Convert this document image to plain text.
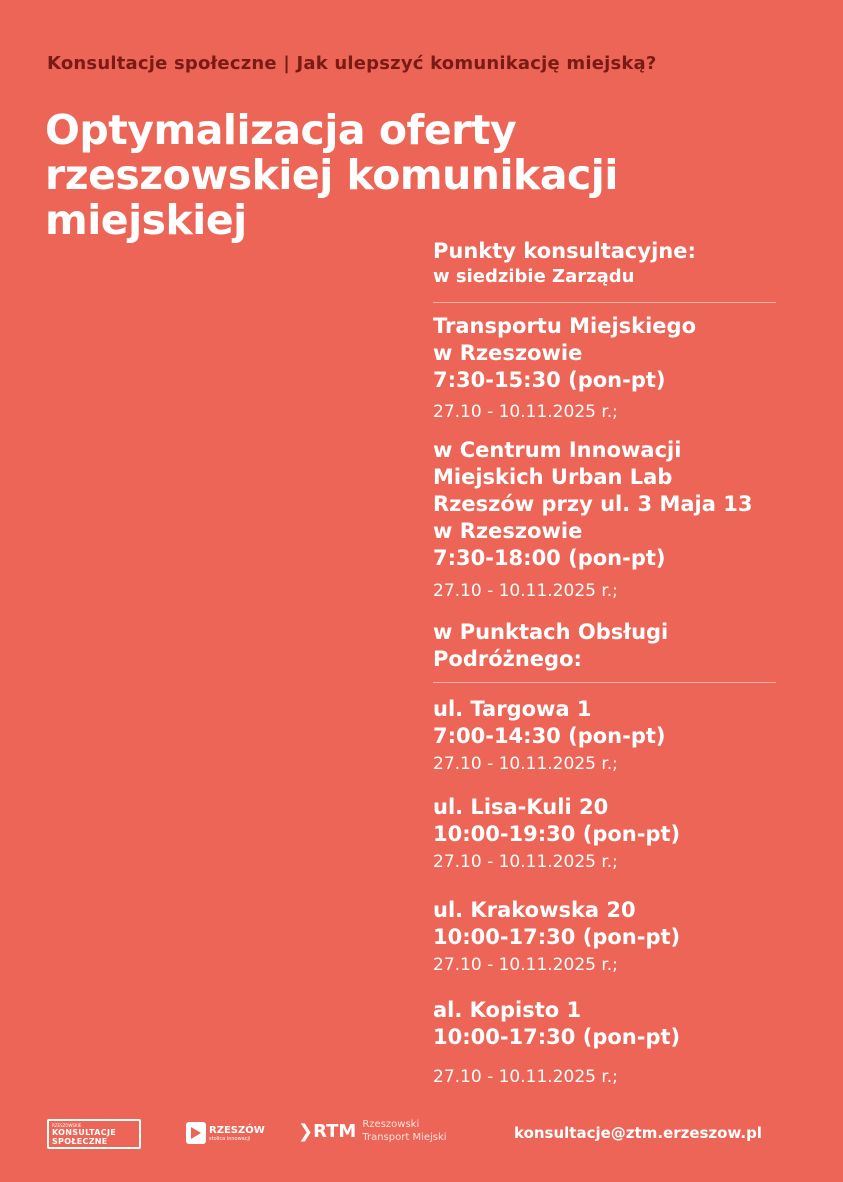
Konsultacje społeczne | Jak ulepszyć komunikację miejską?
Optymalizacja oferty
rzeszowskiej komunikacji
miejskiej
Punkty konsultacyjne:
w siedzibie Zarządu
Transportu Miejskiego
w Rzeszowie
7:30-15:30 (pon-pt)
27.10 - 10.11.2025 r.;
w Centrum Innowacji
Miejskich Urban Lab
Rzeszów przy ul. 3 Maja 13
w Rzeszowie
7:30-18:00 (pon-pt)
27.10 - 10.11.2025 r.;
w Punktach Obsługi
Podróżnego:
ul. Targowa 1
7:00-14:30 (pon-pt)
27.10 - 10.11.2025 r.;
ul. Lisa-Kuli 20
10:00-19:30 (pon-pt)
27.10 - 10.11.2025 r.;
ul. Krakowska 20
10:00-17:30 (pon-pt)
27.10 - 10.11.2025 r.;
al. Kopisto 1
10:00-17:30 (pon-pt)
27.10 - 10.11.2025 r.;
RZESZOWSKIE
KONSULTACJE
SPOŁECZNE
RZESZÓW
stolica innowacji	❯RTM Rzeszowski
Transport Miejski	konsultacje@ztm.erzeszow.pl
